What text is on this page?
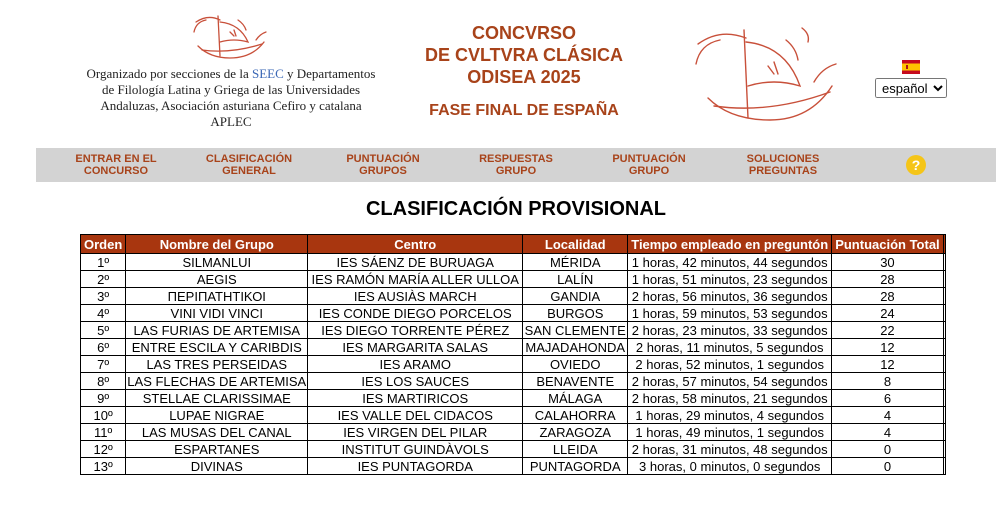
Organizado por secciones de la SEEC y Departamentos de Filología Latina y Griega de las Universidades Andaluzas, Asociación asturiana Cefiro y catalana APLEC
CONCVRSO
DE CVLTVRA CLÁSICA
ODISEA 2025
FASE FINAL DE ESPAÑA
español
ENTRAR EN EL
CONCURSO
CLASIFICACIÓN
GENERAL
PUNTUACIÓN
GRUPOS
RESPUESTAS
GRUPO
PUNTUACIÓN
GRUPO
SOLUCIONES
PREGUNTAS	?
CLASIFICACIÓN PROVISIONAL
Orden	Nombre del Grupo	Centro	Localidad	Tiempo empleado en preguntón	Puntuación Total	
1º	SILMANLUI	IES SÁENZ DE BURUAGA	MÉRIDA	1 horas, 42 minutos, 44 segundos	30	
2º	AEGIS	IES RAMÓN MARÍA ALLER ULLOA	LALÍN	1 horas, 51 minutos, 23 segundos	28	
3º	ΠΕΡΙΠΑΤΗΤΙΚΟΙ	IES AUSIÀS MARCH	GANDIA	2 horas, 56 minutos, 36 segundos	28	
4º	VINI VIDI VINCI	IES CONDE DIEGO PORCELOS	BURGOS	1 horas, 59 minutos, 53 segundos	24	
5º	LAS FURIAS DE ARTEMISA	IES DIEGO TORRENTE PÉREZ	SAN CLEMENTE	2 horas, 23 minutos, 33 segundos	22	
6º	ENTRE ESCILA Y CARIBDIS	IES MARGARITA SALAS	MAJADAHONDA	2 horas, 11 minutos, 5 segundos	12	
7º	LAS TRES PERSEIDAS	IES ARAMO	OVIEDO	2 horas, 52 minutos, 1 segundos	12	
8º	LAS FLECHAS DE ARTEMISA	IES LOS SAUCES	BENAVENTE	2 horas, 57 minutos, 54 segundos	8	
9º	STELLAE CLARISSIMAE	IES MARTIRICOS	MÁLAGA	2 horas, 58 minutos, 21 segundos	6	
10º	LUPAE NIGRAE	IES VALLE DEL CIDACOS	CALAHORRA	1 horas, 29 minutos, 4 segundos	4	
11º	LAS MUSAS DEL CANAL	IES VIRGEN DEL PILAR	ZARAGOZA	1 horas, 49 minutos, 1 segundos	4	
12º	ESPARTANES	INSTITUT GUINDÀVOLS	LLEIDA	2 horas, 31 minutos, 48 segundos	0	
13º	DIVINAS	IES PUNTAGORDA	PUNTAGORDA	3 horas, 0 minutos, 0 segundos	0	
